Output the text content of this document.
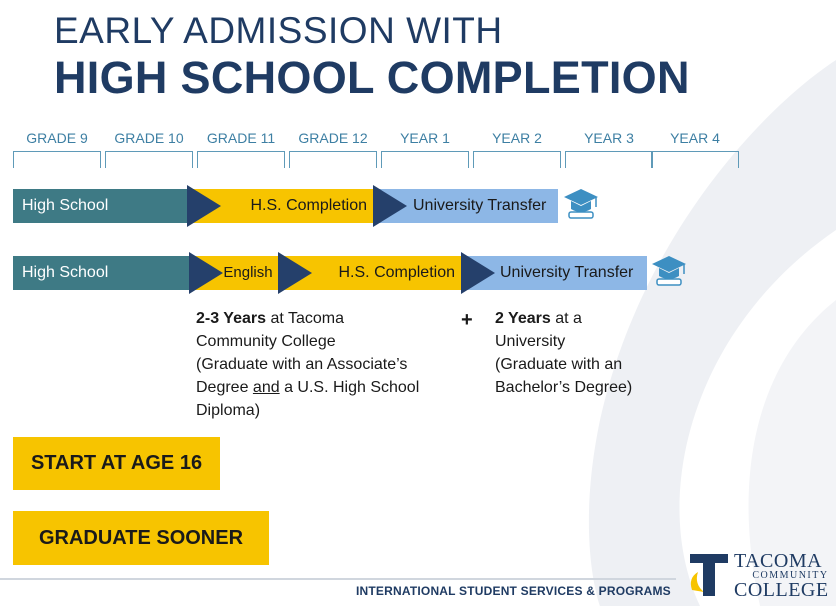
EARLY ADMISSION WITH
HIGH SCHOOL COMPLETION
GRADE 9	GRADE 10	GRADE 11	GRADE 12	YEAR 1	YEAR 2	YEAR 3	YEAR 4
High School	H.S. Completion	University Transfer
High School	English	H.S. Completion	University Transfer
2-3 Years at Tacoma
Community College
(Graduate with an Associate’s
Degree and a U.S. High School
Diploma)
+ 2 Years at a
University
(Graduate with an
Bachelor’s Degree)
START AT AGE 16
GRADUATE SOONER
INTERNATIONAL STUDENT SERVICES & PROGRAMS
TACOMA
COMMUNITY
COLLEGE
